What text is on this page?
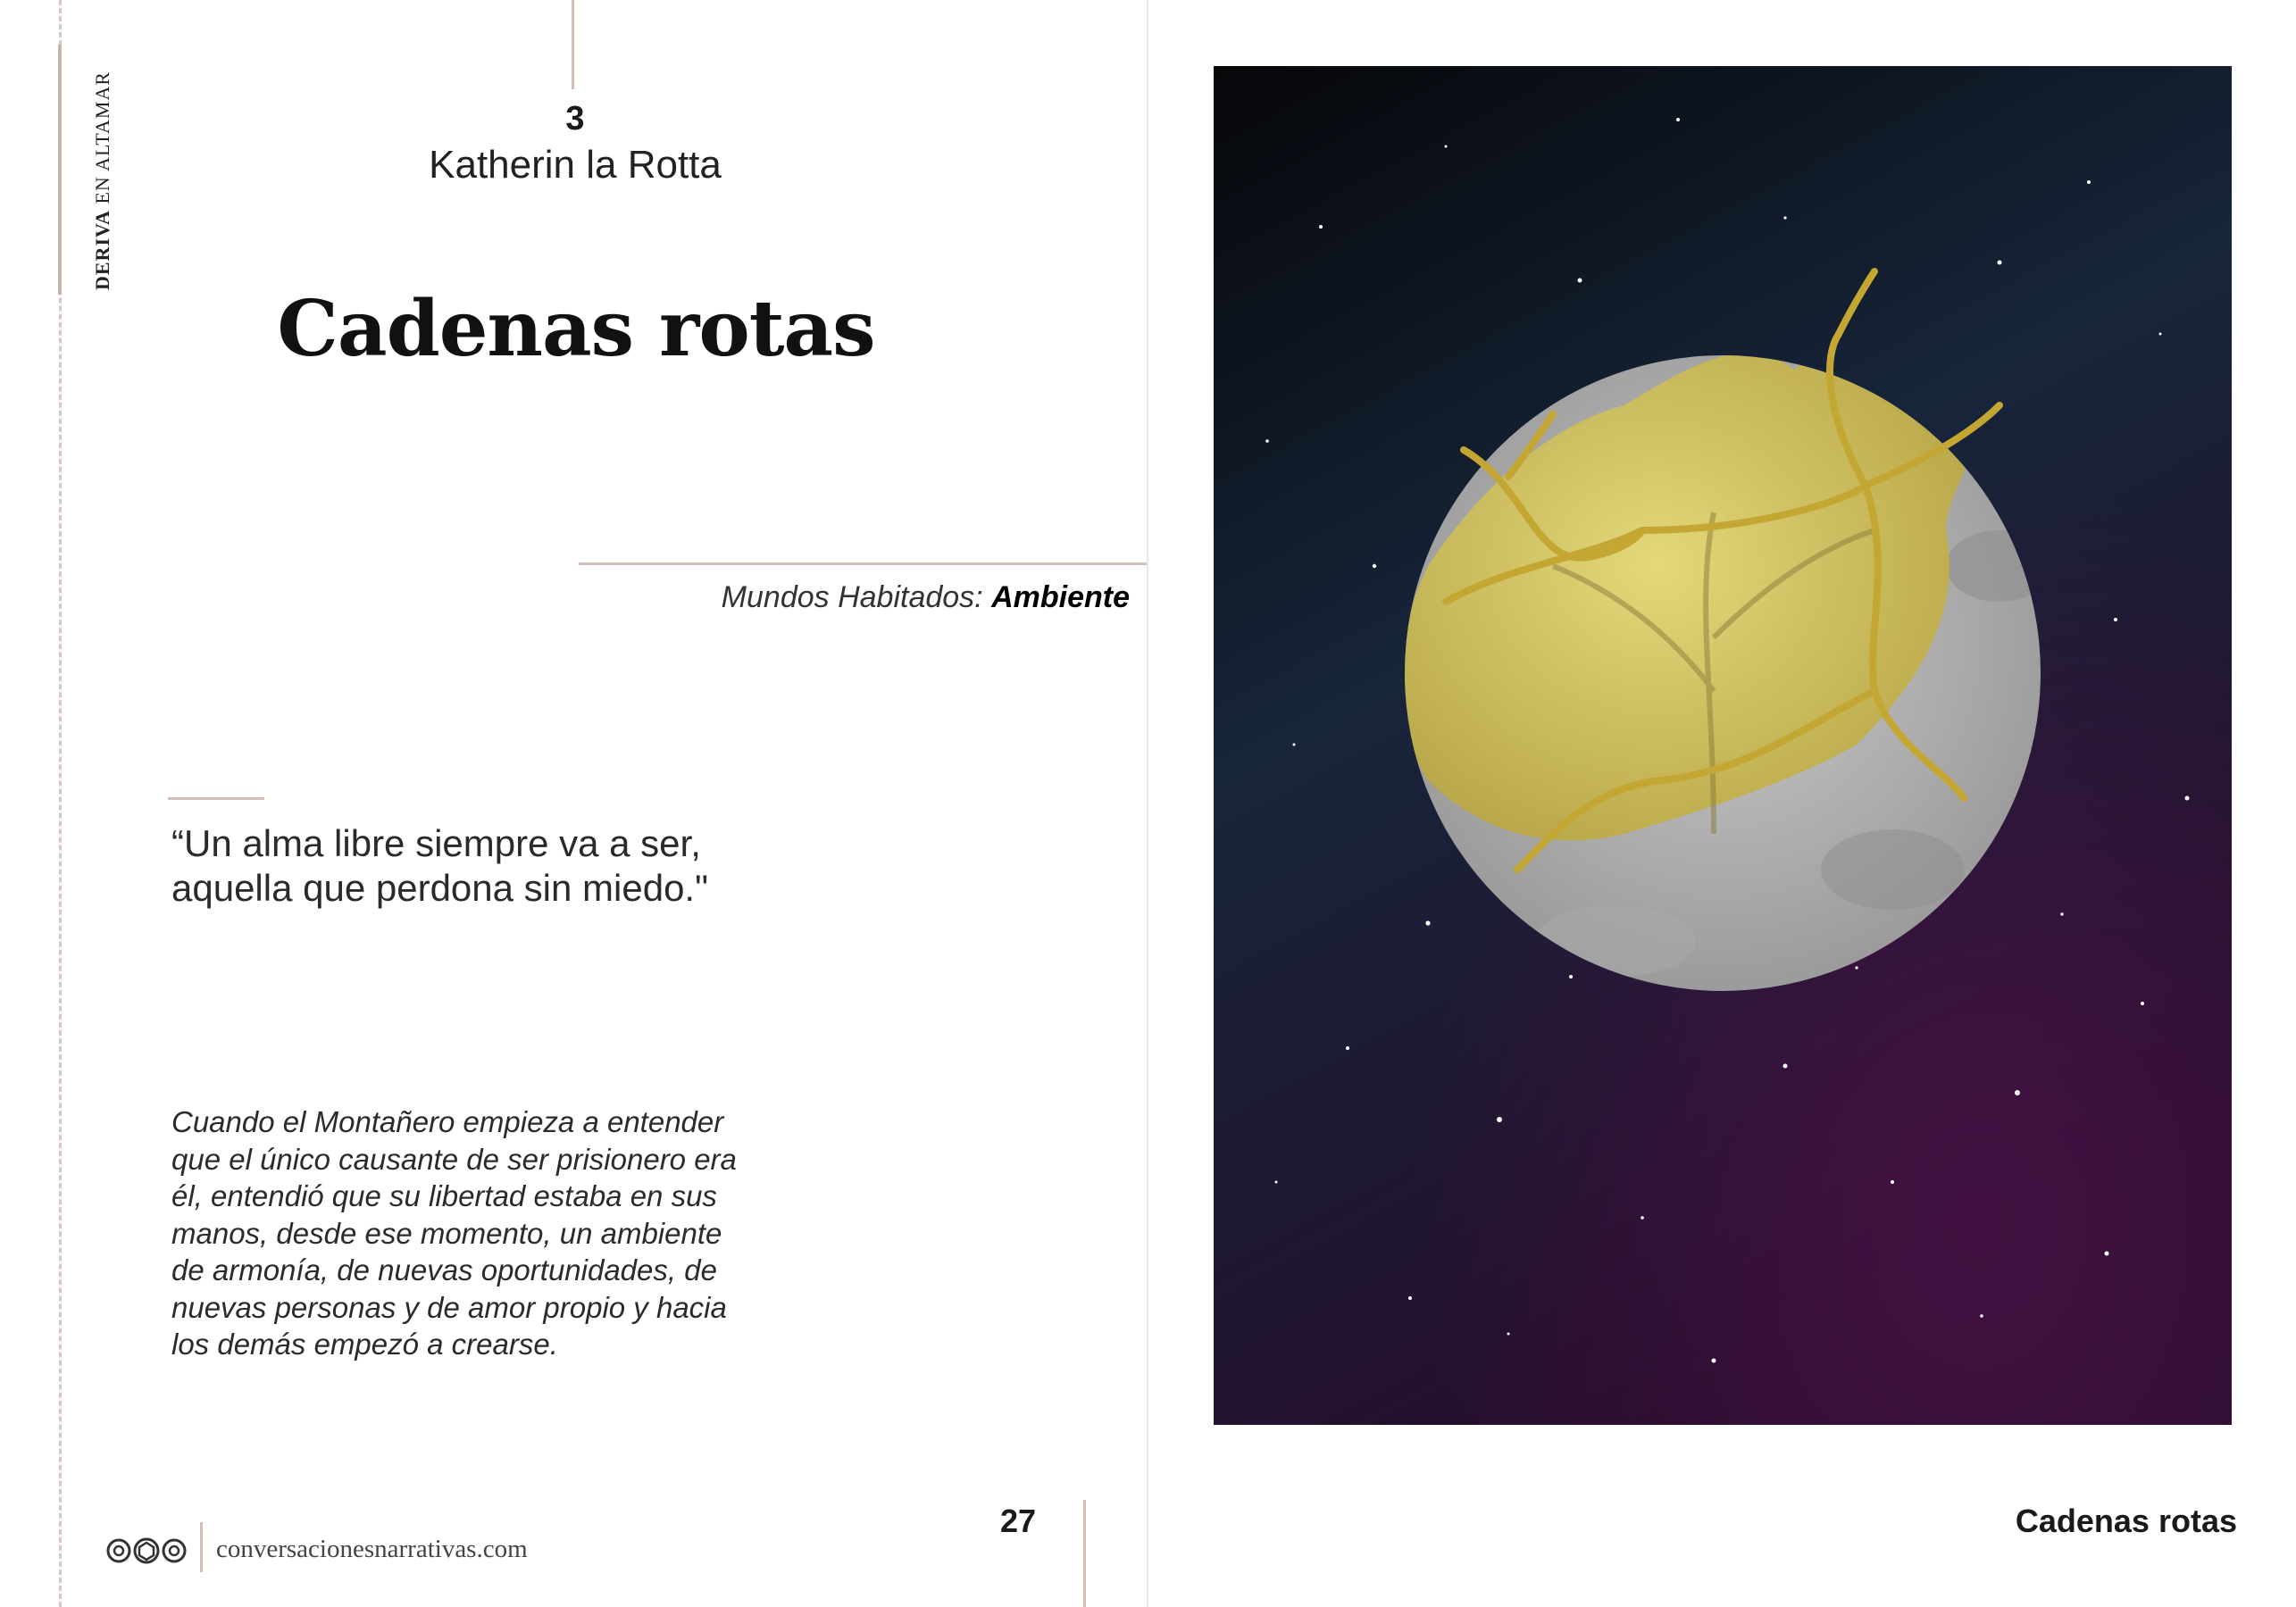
DERIVA EN ALTAMAR	3
Katherin la Rotta
Cadenas rotas
Mundos Habitados: Ambiente
“Un alma libre siempre va a ser,
aquella que perdona sin miedo."
Cuando el Montañero empieza a entender
que el único causante de ser prisionero era
él, entendió que su libertad estaba en sus
manos, desde ese momento, un ambiente
de armonía, de nuevas oportunidades, de
nuevas personas y de amor propio y hacia
los demás empezó a crearse.
conversacionesnarrativas.com
27	Cadenas rotas
